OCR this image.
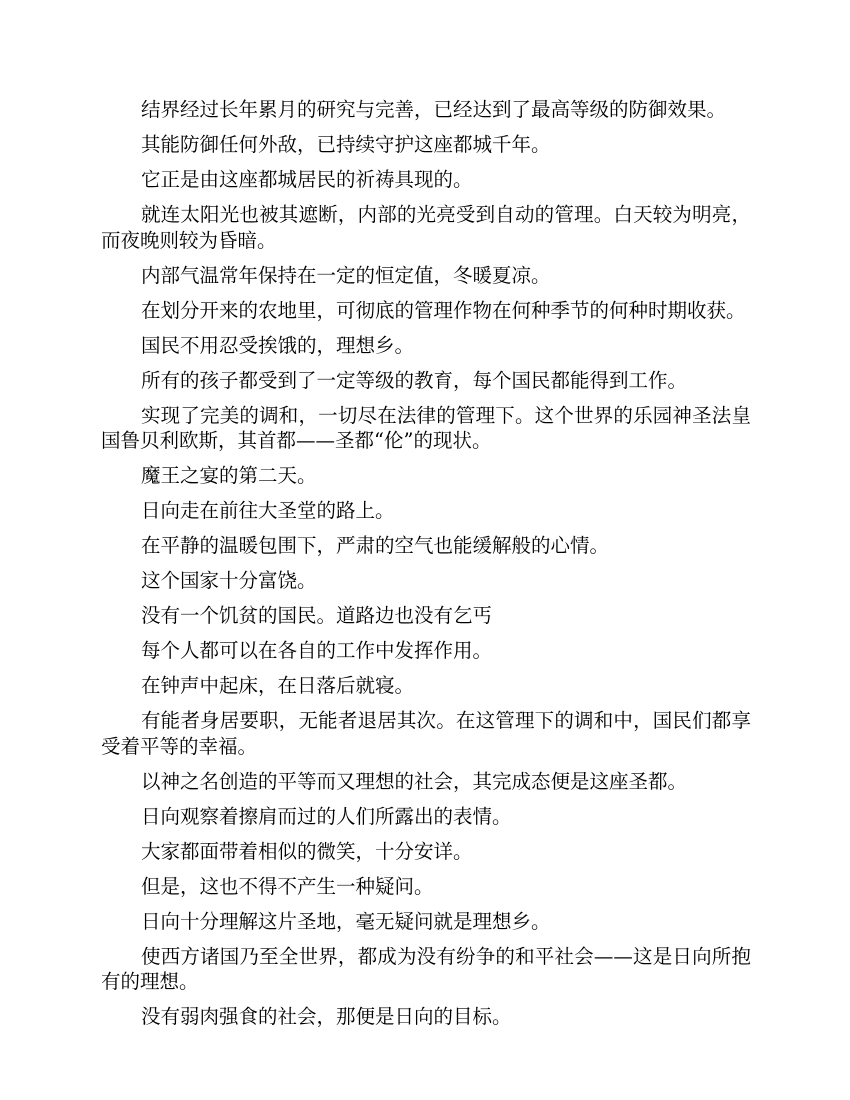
结界经过长年累月的研究与完善，已经达到了最高等级的防御效果。

其能防御任何外敌，已持续守护这座都城千年。

它正是由这座都城居民的祈祷具现的。

就连太阳光也被其遮断，内部的光亮受到自动的管理。白天较为明亮，而夜晚则较为昏暗。

内部气温常年保持在一定的恒定值，冬暖夏凉。

在划分开来的农地里，可彻底的管理作物在何种季节的何种时期收获。

国民不用忍受挨饿的，理想乡。

所有的孩子都受到了一定等级的教育，每个国民都能得到工作。

实现了完美的调和，一切尽在法律的管理下。这个世界的乐园神圣法皇国鲁贝利欧斯，其首都——圣都“伦”的现状。

魔王之宴的第二天。

日向走在前往大圣堂的路上。

在平静的温暖包围下，严肃的空气也能缓解般的心情。

这个国家十分富饶。

没有一个饥贫的国民。道路边也没有乞丐

每个人都可以在各自的工作中发挥作用。

在钟声中起床，在日落后就寝。

有能者身居要职，无能者退居其次。在这管理下的调和中，国民们都享受着平等的幸福。

以神之名创造的平等而又理想的社会，其完成态便是这座圣都。

日向观察着擦肩而过的人们所露出的表情。

大家都面带着相似的微笑，十分安详。

但是，这也不得不产生一种疑问。

日向十分理解这片圣地，毫无疑问就是理想乡。

使西方诸国乃至全世界，都成为没有纷争的和平社会——这是日向所抱有的理想。

没有弱肉强食的社会，那便是日向的目标。
